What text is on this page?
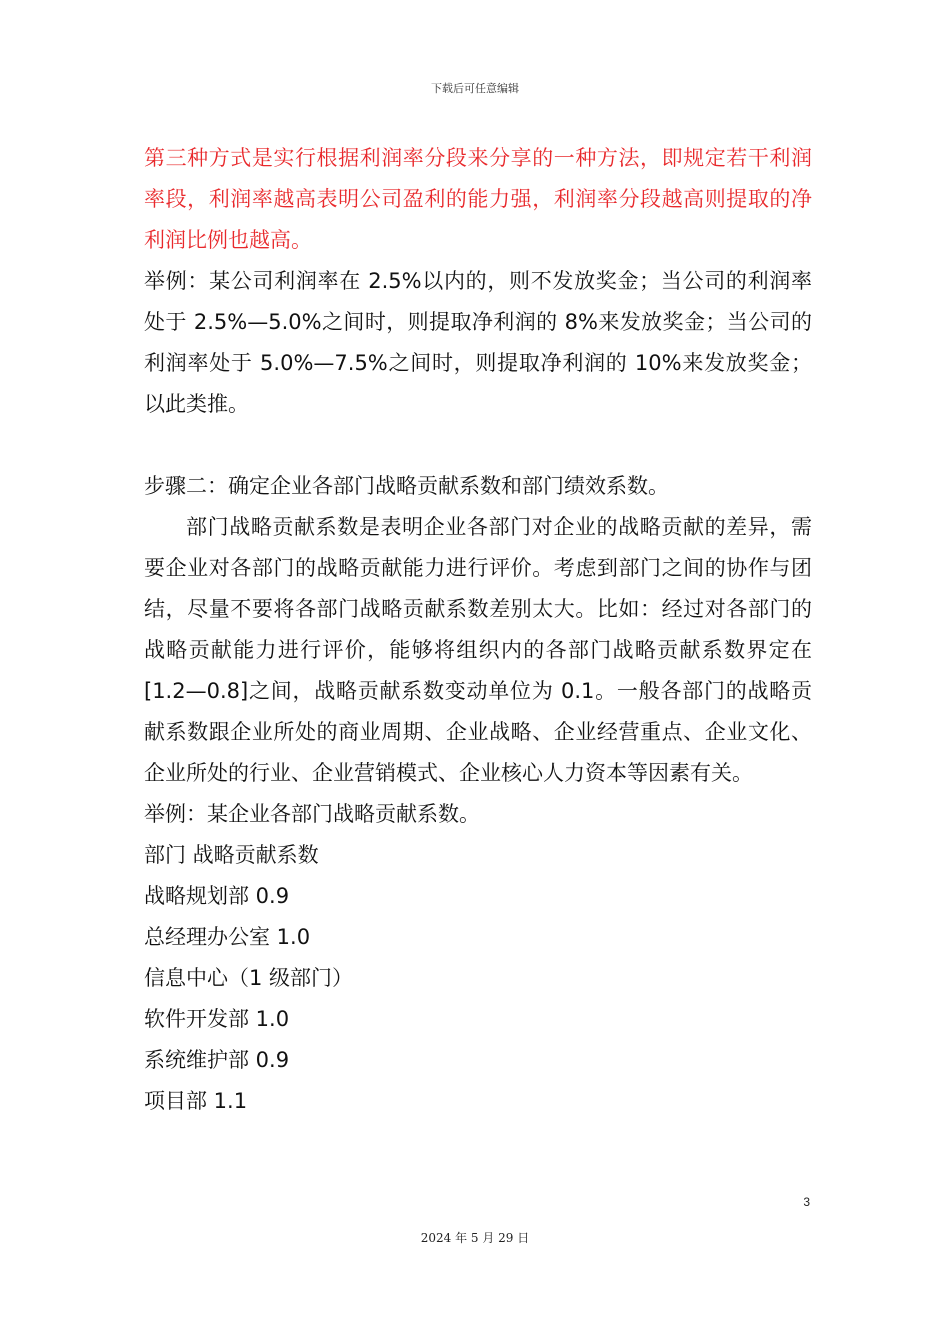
下载后可任意编辑

第三种方式是实行根据利润率分段来分享的一种方法，即规定若干利润率段，利润率越高表明公司盈利的能力强，利润率分段越高则提取的净利润比例也越高。

举例：某公司利润率在 2.5%以内的，则不发放奖金；当公司的利润率处于 2.5%—5.0%之间时，则提取净利润的 8%来发放奖金；当公司的利润率处于 5.0%—7.5%之间时，则提取净利润的 10%来发放奖金；以此类推。

步骤二：确定企业各部门战略贡献系数和部门绩效系数。

部门战略贡献系数是表明企业各部门对企业的战略贡献的差异，需要企业对各部门的战略贡献能力进行评价。考虑到部门之间的协作与团结，尽量不要将各部门战略贡献系数差别太大。比如：经过对各部门的战略贡献能力进行评价，能够将组织内的各部门战略贡献系数界定在[1.2—0.8]之间，战略贡献系数变动单位为 0.1。一般各部门的战略贡献系数跟企业所处的商业周期、企业战略、企业经营重点、企业文化、企业所处的行业、企业营销模式、企业核心人力资本等因素有关。

举例：某企业各部门战略贡献系数。

部门 战略贡献系数

战略规划部 0.9

总经理办公室 1.0

信息中心（1 级部门）

软件开发部 1.0

系统维护部 0.9

项目部 1.1

3
2024 年 5 月 29 日
